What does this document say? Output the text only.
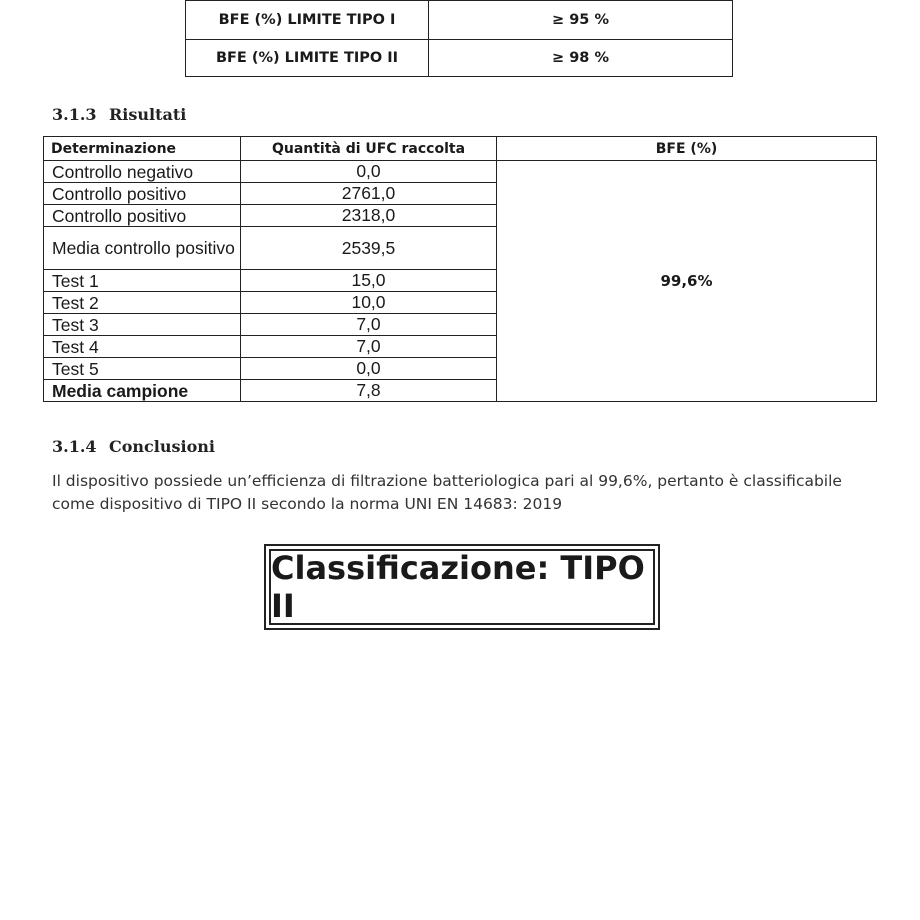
BFE (%) LIMITE TIPO I	≥ 95 %
BFE (%) LIMITE TIPO II	≥ 98 %
3.1.3 Risultati
Determinazione	Quantità di UFC raccolta	BFE (%)
Controllo negativo	0,0	99,6%
Controllo positivo	2761,0	
Controllo positivo	2318,0	
Media controllo positivo	2539,5	
Test 1	15,0	
Test 2	10,0	
Test 3	7,0	
Test 4	7,0	
Test 5	0,0	
Media campione	7,8	
3.1.4 Conclusioni
Il dispositivo possiede un’efficienza di filtrazione batteriologica pari al 99,6%, pertanto è classificabile come dispositivo di TIPO II secondo la norma UNI EN 14683: 2019
Classificazione: TIPO II
